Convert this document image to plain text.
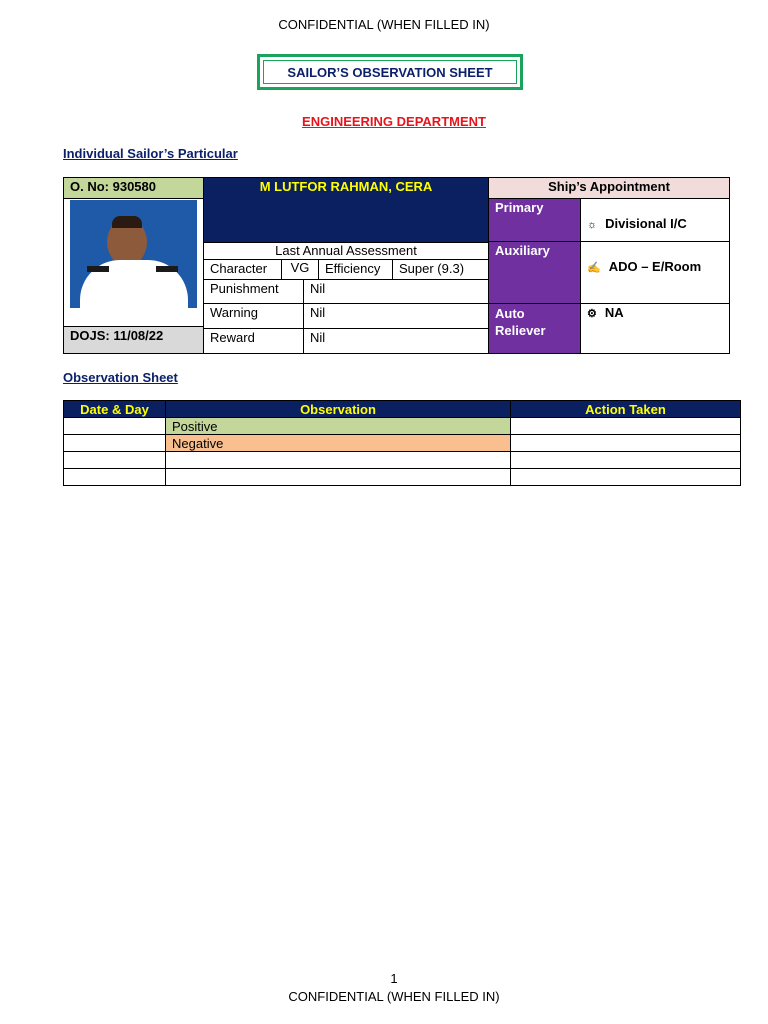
CONFIDENTIAL (WHEN FILLED IN)
SAILOR’S OBSERVATION SHEET
ENGINEERING DEPARTMENT
Individual Sailor’s Particular
O. No: 930580
DOJS: 11/08/22
M LUTFOR RAHMAN, CERA
Last Annual Assessment
Character	VG	Efficiency	Super (9.3)
Punishment	Nil
Warning	Nil
Reward	Nil
Ship’s Appointment
Primary
☼ Divisional I/C
Auxiliary
✍ ADO – E/Room
Auto
Reliever
⚙ NA
Observation Sheet
Date & Day	Observation	Action Taken
	Positive	
	Negative	

1
CONFIDENTIAL (WHEN FILLED IN)
